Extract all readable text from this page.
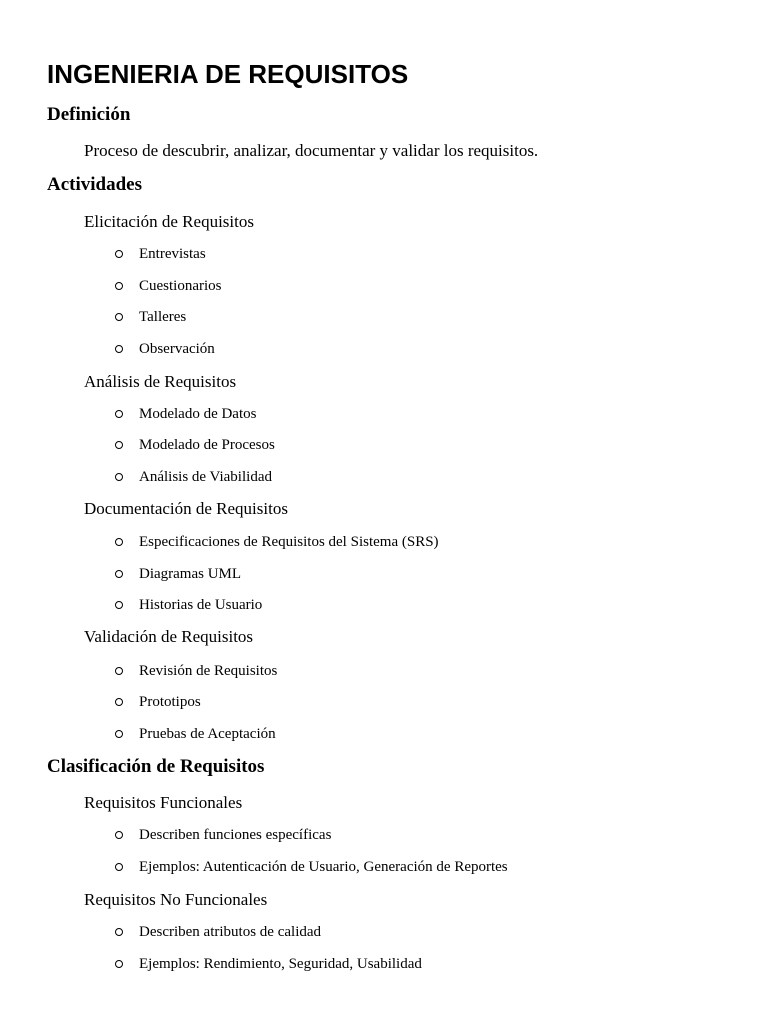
INGENIERIA DE REQUISITOS
Definición

Proceso de descubrir, analizar, documentar y validar los requisitos.

Actividades

Elicitación de Requisitos

Entrevistas
Cuestionarios
Talleres
Observación

Análisis de Requisitos

Modelado de Datos
Modelado de Procesos
Análisis de Viabilidad

Documentación de Requisitos

Especificaciones de Requisitos del Sistema (SRS)
Diagramas UML
Historias de Usuario

Validación de Requisitos

Revisión de Requisitos
Prototipos
Pruebas de Aceptación
Clasificación de Requisitos

Requisitos Funcionales

Describen funciones específicas
Ejemplos: Autenticación de Usuario, Generación de Reportes

Requisitos No Funcionales

Describen atributos de calidad
Ejemplos: Rendimiento, Seguridad, Usabilidad
